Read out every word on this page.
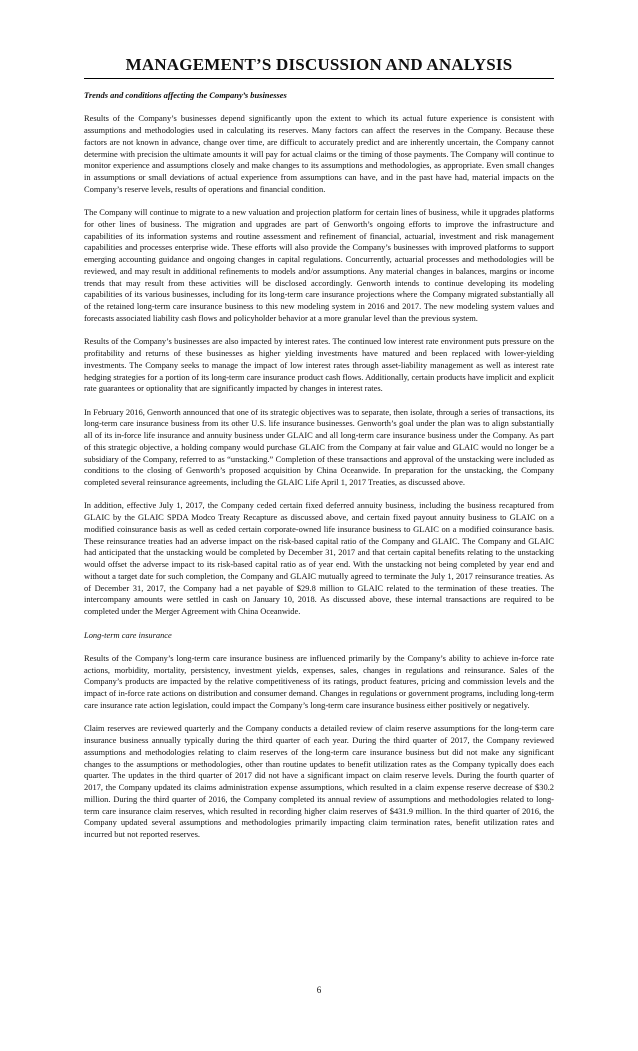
MANAGEMENT’S DISCUSSION AND ANALYSIS

Trends and conditions affecting the Company’s businesses

Results of the Company’s businesses depend significantly upon the extent to which its actual future experience is consistent with assumptions and methodologies used in calculating its reserves. Many factors can affect the reserves in the Company. Because these factors are not known in advance, change over time, are difficult to accurately predict and are inherently uncertain, the Company cannot determine with precision the ultimate amounts it will pay for actual claims or the timing of those payments. The Company will continue to monitor experience and assumptions closely and make changes to its assumptions and methodologies, as appropriate. Even small changes in assumptions or small deviations of actual experience from assumptions can have, and in the past have had, material impacts on the Company’s reserve levels, results of operations and financial condition.

The Company will continue to migrate to a new valuation and projection platform for certain lines of business, while it upgrades platforms for other lines of business. The migration and upgrades are part of Genworth’s ongoing efforts to improve the infrastructure and capabilities of its information systems and routine assessment and refinement of financial, actuarial, investment and risk management capabilities and processes enterprise wide. These efforts will also provide the Company’s businesses with improved platforms to support emerging accounting guidance and ongoing changes in capital regulations. Concurrently, actuarial processes and methodologies will be reviewed, and may result in additional refinements to models and/or assumptions. Any material changes in balances, margins or income trends that may result from these activities will be disclosed accordingly. Genworth intends to continue developing its modeling capabilities of its various businesses, including for its long-term care insurance projections where the Company migrated substantially all of the retained long-term care insurance business to this new modeling system in 2016 and 2017. The new modeling system values and forecasts associated liability cash flows and policyholder behavior at a more granular level than the previous system.

Results of the Company’s businesses are also impacted by interest rates. The continued low interest rate environment puts pressure on the profitability and returns of these businesses as higher yielding investments have matured and been replaced with lower-yielding investments. The Company seeks to manage the impact of low interest rates through asset-liability management as well as interest rate hedging strategies for a portion of its long-term care insurance product cash flows. Additionally, certain products have implicit and explicit rate guarantees or optionality that are significantly impacted by changes in interest rates.

In February 2016, Genworth announced that one of its strategic objectives was to separate, then isolate, through a series of transactions, its long-term care insurance business from its other U.S. life insurance businesses. Genworth’s goal under the plan was to align substantially all of its in-force life insurance and annuity business under GLAIC and all long-term care insurance business under the Company. As part of this strategic objective, a holding company would purchase GLAIC from the Company at fair value and GLAIC would no longer be a subsidiary of the Company, referred to as “unstacking.” Completion of these transactions and approval of the unstacking were included as conditions to the closing of Genworth’s proposed acquisition by China Oceanwide. In preparation for the unstacking, the Company completed several reinsurance agreements, including the GLAIC Life April 1, 2017 Treaties, as discussed above.

In addition, effective July 1, 2017, the Company ceded certain fixed deferred annuity business, including the business recaptured from GLAIC by the GLAIC SPDA Modco Treaty Recapture as discussed above, and certain fixed payout annuity business to GLAIC on a modified coinsurance basis as well as ceded certain corporate-owned life insurance business to GLAIC on a modified coinsurance basis. These reinsurance treaties had an adverse impact on the risk-based capital ratio of the Company and GLAIC. The Company and GLAIC had anticipated that the unstacking would be completed by December 31, 2017 and that certain capital benefits relating to the unstacking would offset the adverse impact to its risk-based capital ratio as of year end. With the unstacking not being completed by year end and without a target date for such completion, the Company and GLAIC mutually agreed to terminate the July 1, 2017 reinsurance treaties. As of December 31, 2017, the Company had a net payable of $29.8 million to GLAIC related to the termination of these treaties. The intercompany amounts were settled in cash on January 10, 2018. As discussed above, these internal transactions are required to be completed under the Merger Agreement with China Oceanwide.

Long-term care insurance

Results of the Company’s long-term care insurance business are influenced primarily by the Company’s ability to achieve in-force rate actions, morbidity, mortality, persistency, investment yields, expenses, sales, changes in regulations and reinsurance. Sales of the Company’s products are impacted by the relative competitiveness of its ratings, product features, pricing and commission levels and the impact of in-force rate actions on distribution and consumer demand. Changes in regulations or government programs, including long-term care insurance rate action legislation, could impact the Company’s long-term care insurance business either positively or negatively.

Claim reserves are reviewed quarterly and the Company conducts a detailed review of claim reserve assumptions for the long-term care insurance business annually typically during the third quarter of each year. During the third quarter of 2017, the Company reviewed assumptions and methodologies relating to claim reserves of the long-term care insurance business but did not make any significant changes to the assumptions or methodologies, other than routine updates to benefit utilization rates as the Company typically does each quarter. The updates in the third quarter of 2017 did not have a significant impact on claim reserve levels. During the fourth quarter of 2017, the Company updated its claims administration expense assumptions, which resulted in a claim expense reserve decrease of $30.2 million. During the third quarter of 2016, the Company completed its annual review of assumptions and methodologies related to long-term care insurance claim reserves, which resulted in recording higher claim reserves of $431.9 million. In the third quarter of 2016, the Company updated several assumptions and methodologies primarily impacting claim termination rates, benefit utilization rates and incurred but not reported reserves.

6
